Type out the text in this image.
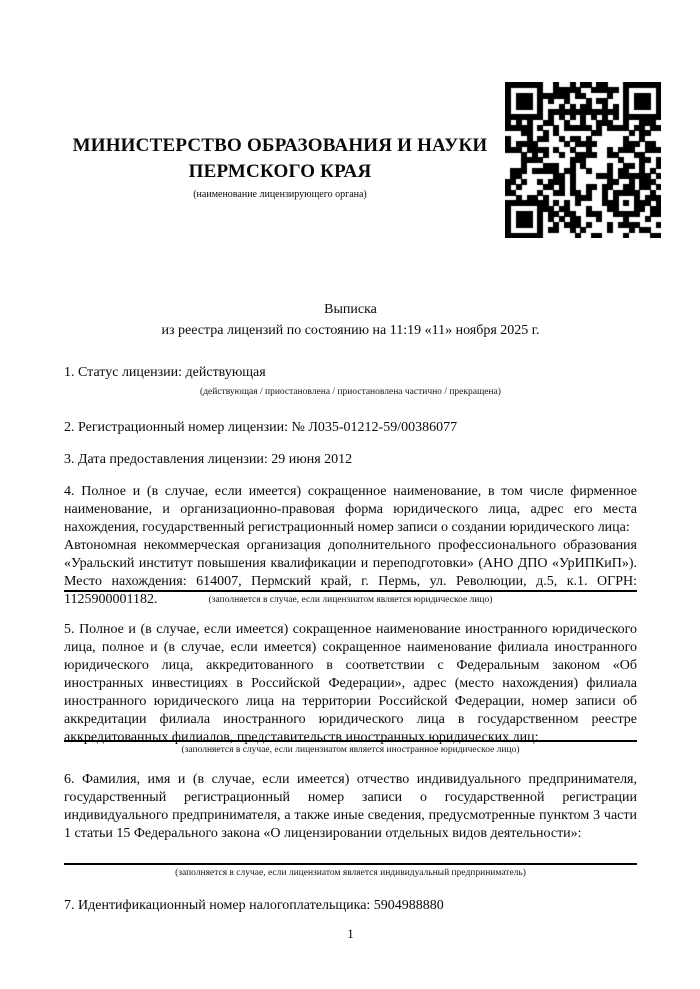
МИНИСТЕРСТВО ОБРАЗОВАНИЯ И НАУКИ
ПЕРМСКОГО КРАЯ
(наименование лицензирующего органа)

Выписка

из реестра лицензий по состоянию на 11:19 «11» ноября 2025 г.

1. Статус лицензии: действующая
(действующая / приостановлена / приостановлена частично / прекращена)
2. Регистрационный номер лицензии: № Л035-01212-59/00386077
3. Дата предоставления лицензии: 29 июня 2012

4. Полное и (в случае, если имеется) сокращенное наименование, в том числе фирменное наименование, и организационно-правовая форма юридического лица, адрес его места нахождения, государственный регистрационный номер записи о создании юридического лица:

Автономная некоммерческая организация дополнительного профессионального образования «Уральский институт повышения квалификации и переподготовки» (АНО ДПО «УрИПКиП»). Место нахождения: 614007, Пермский край, г. Пермь, ул. Революции, д.5, к.1. ОГРН: 1125900001182.	(заполняется в случае, если лицензиатом является юридическое лицо)
5. Полное и (в случае, если имеется) сокращенное наименование иностранного юридического лица, полное и (в случае, если имеется) сокращенное наименование филиала иностранного юридического лица, аккредитованного в соответствии с Федеральным законом «Об иностранных инвестициях в Российской Федерации», адрес (место нахождения) филиала иностранного юридического лица на территории Российской Федерации, номер записи об аккредитации филиала иностранного юридического лица в государственном реестре аккредитованных филиалов, представительств иностранных юридических лиц:
(заполняется в случае, если лицензиатом является иностранное юридическое лицо)
6. Фамилия, имя и (в случае, если имеется) отчество индивидуального предпринимателя, государственный регистрационный номер записи о государственной регистрации индивидуального предпринимателя, а также иные сведения, предусмотренные пунктом 3 части 1 статьи 15 Федерального закона «О лицензировании отдельных видов деятельности»:
(заполняется в случае, если лицензиатом является индивидуальный предприниматель)
7. Идентификационный номер налогоплательщика: 5904988880
1
